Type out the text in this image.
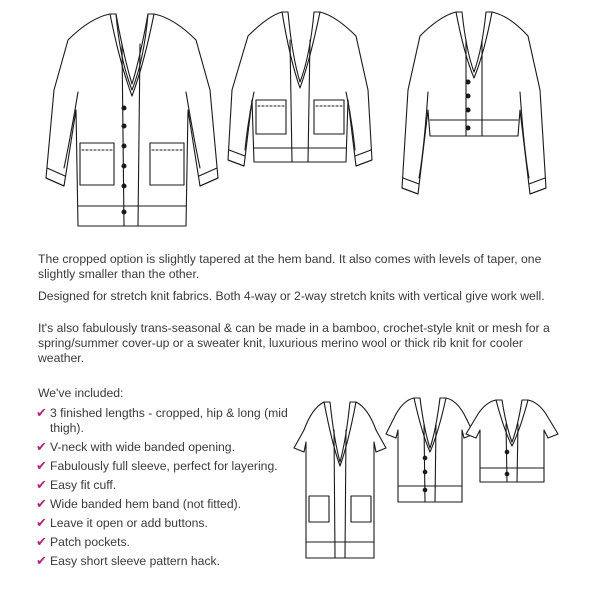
The cropped option is slightly tapered at the hem band. It also comes with levels of taper, one slightly smaller than the other.

Designed for stretch knit fabrics. Both 4-way or 2-way stretch knits with vertical give work well.

It's also fabulously trans-seasonal & can be made in a bamboo, crochet-style knit or mesh for a spring/summer cover-up or a sweater knit, luxurious merino wool or thick rib knit for cooler weather.

We've included:

✔ 3 finished lengths - cropped, hip & long (mid thigh).
✔ V-neck with wide banded opening.
✔ Fabulously full sleeve, perfect for layering.
✔ Easy fit cuff.
✔ Wide banded hem band (not fitted).
✔ Leave it open or add buttons.
✔ Patch pockets.
✔ Easy short sleeve pattern hack.
